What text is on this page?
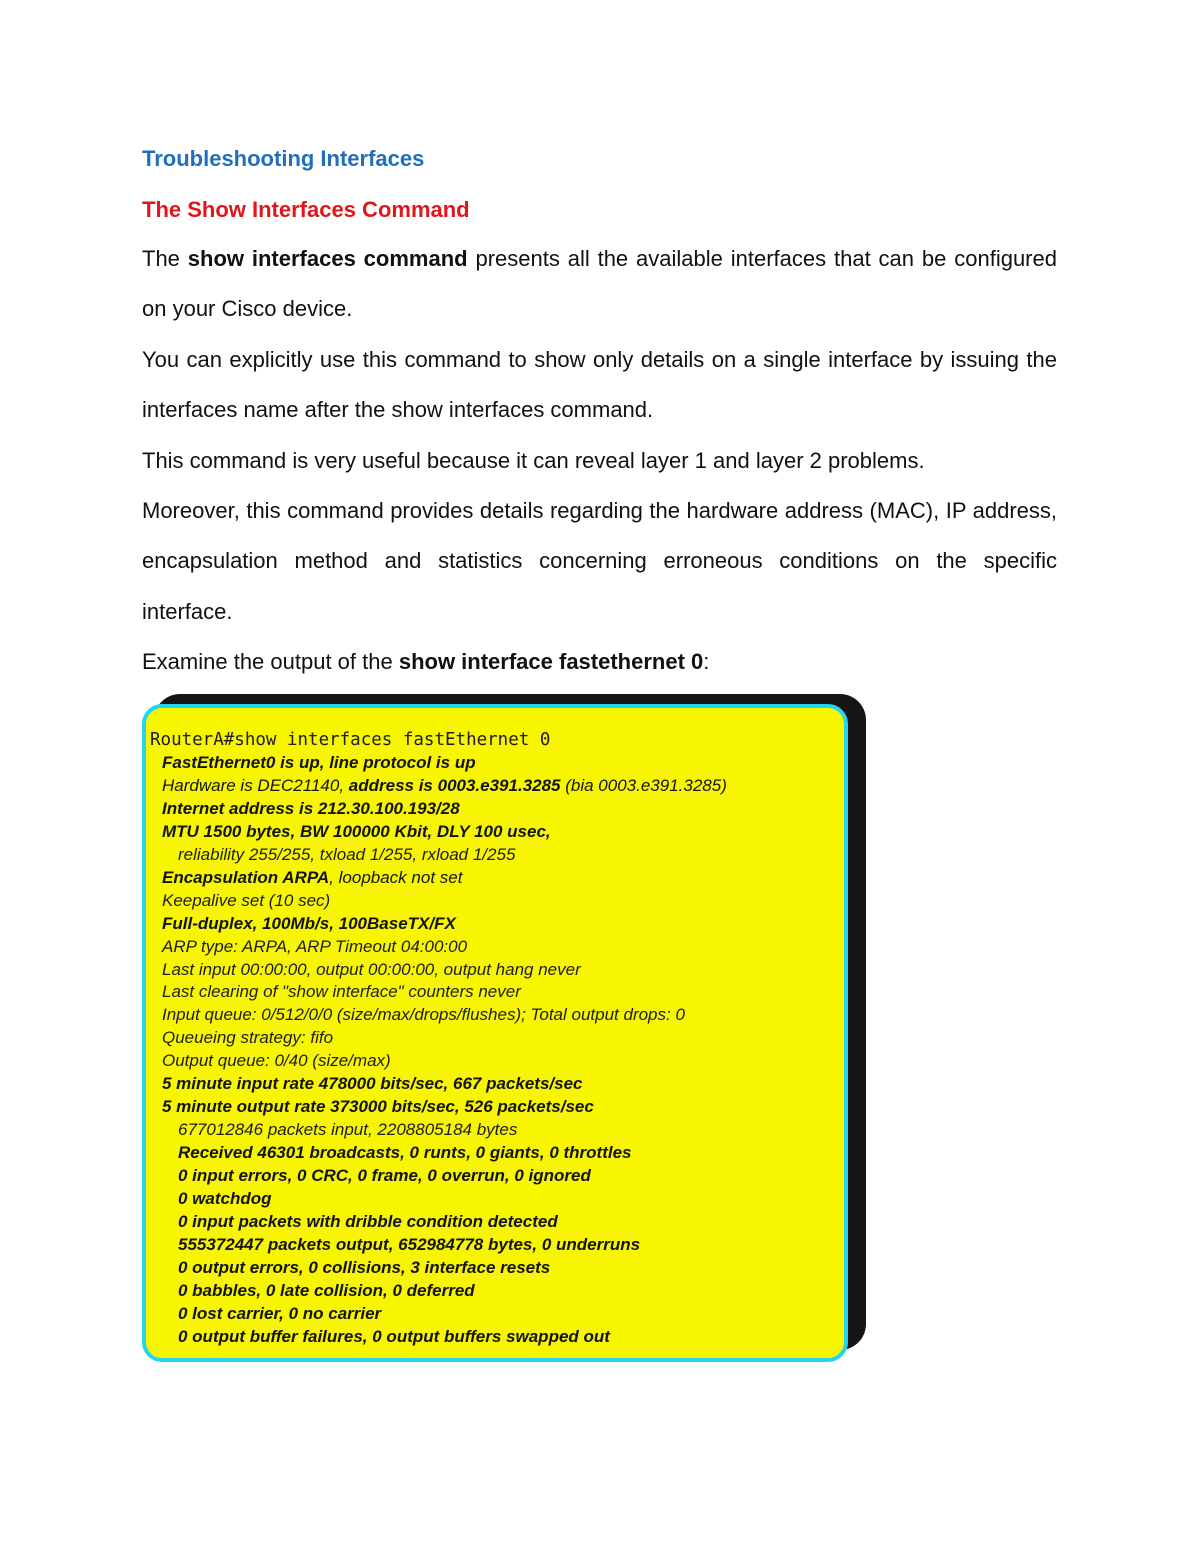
Troubleshooting Interfaces
The Show Interfaces Command

The show interfaces command presents all the available interfaces that can be configured on your Cisco device.

You can explicitly use this command to show only details on a single interface by issuing the interfaces name after the show interfaces command.

This command is very useful because it can reveal layer 1 and layer 2 problems.

Moreover, this command provides details regarding the hardware address (MAC), IP address, encapsulation method and statistics concerning erroneous conditions on the specific interface.

Examine the output of the show interface fastethernet 0:

RouterA#show interfaces fastEthernet 0
FastEthernet0 is up, line protocol is up
Hardware is DEC21140, address is 0003.e391.3285 (bia 0003.e391.3285)
Internet address is 212.30.100.193/28
MTU 1500 bytes, BW 100000 Kbit, DLY 100 usec,
reliability 255/255, txload 1/255, rxload 1/255
Encapsulation ARPA, loopback not set
Keepalive set (10 sec)
Full-duplex, 100Mb/s, 100BaseTX/FX
ARP type: ARPA, ARP Timeout 04:00:00
Last input 00:00:00, output 00:00:00, output hang never
Last clearing of "show interface" counters never
Input queue: 0/512/0/0 (size/max/drops/flushes); Total output drops: 0
Queueing strategy: fifo
Output queue: 0/40 (size/max)
5 minute input rate 478000 bits/sec, 667 packets/sec
5 minute output rate 373000 bits/sec, 526 packets/sec
677012846 packets input, 2208805184 bytes
Received 46301 broadcasts, 0 runts, 0 giants, 0 throttles
0 input errors, 0 CRC, 0 frame, 0 overrun, 0 ignored
0 watchdog
0 input packets with dribble condition detected
555372447 packets output, 652984778 bytes, 0 underruns
0 output errors, 0 collisions, 3 interface resets
0 babbles, 0 late collision, 0 deferred
0 lost carrier, 0 no carrier
0 output buffer failures, 0 output buffers swapped out
